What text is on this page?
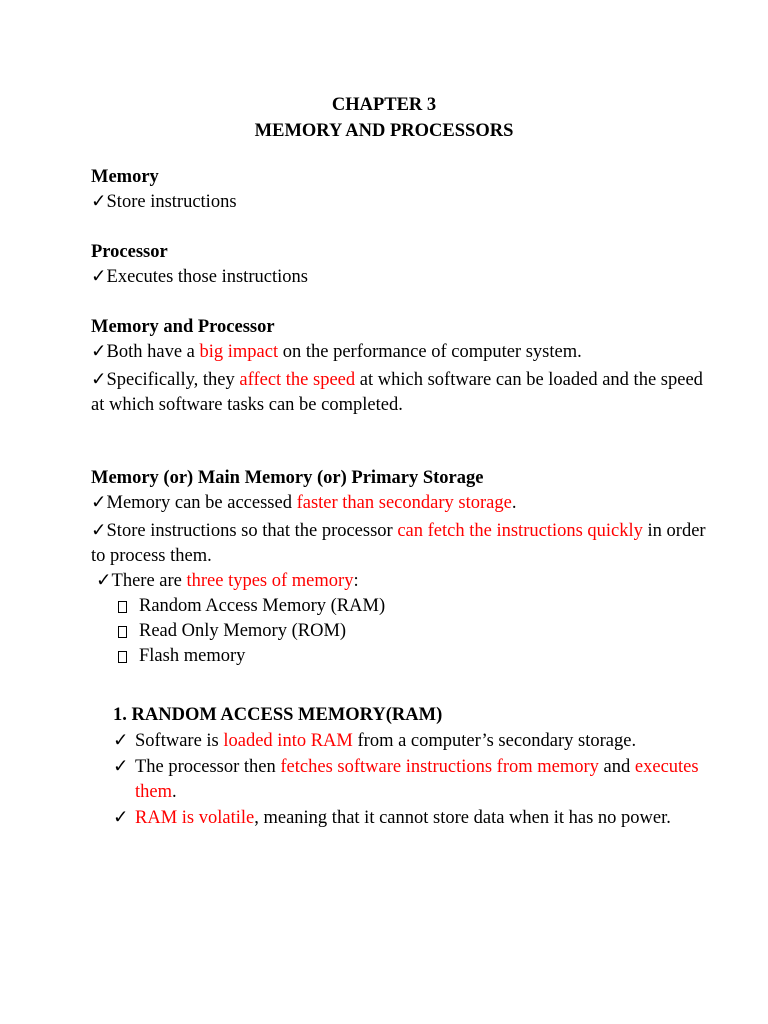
CHAPTER 3
MEMORY AND PROCESSORS
Memory
✓Store instructions
Processor
✓Executes those instructions
Memory and Processor
✓Both have a big impact on the performance of computer system.
✓Specifically, they affect the speed at which software can be loaded and the speed at which software tasks can be completed.
Memory (or) Main Memory (or) Primary Storage
✓Memory can be accessed faster than secondary storage.
✓Store instructions so that the processor can fetch the instructions quickly in order to process them.
✓There are three types of memory:
Random Access Memory (RAM)
Read Only Memory (ROM)
Flash memory
1. RANDOM ACCESS MEMORY(RAM)
✓ Software is loaded into RAM from a computer’s secondary storage.
✓ The processor then fetches software instructions from memory and executes them.
✓ RAM is volatile, meaning that it cannot store data when it has no power.
